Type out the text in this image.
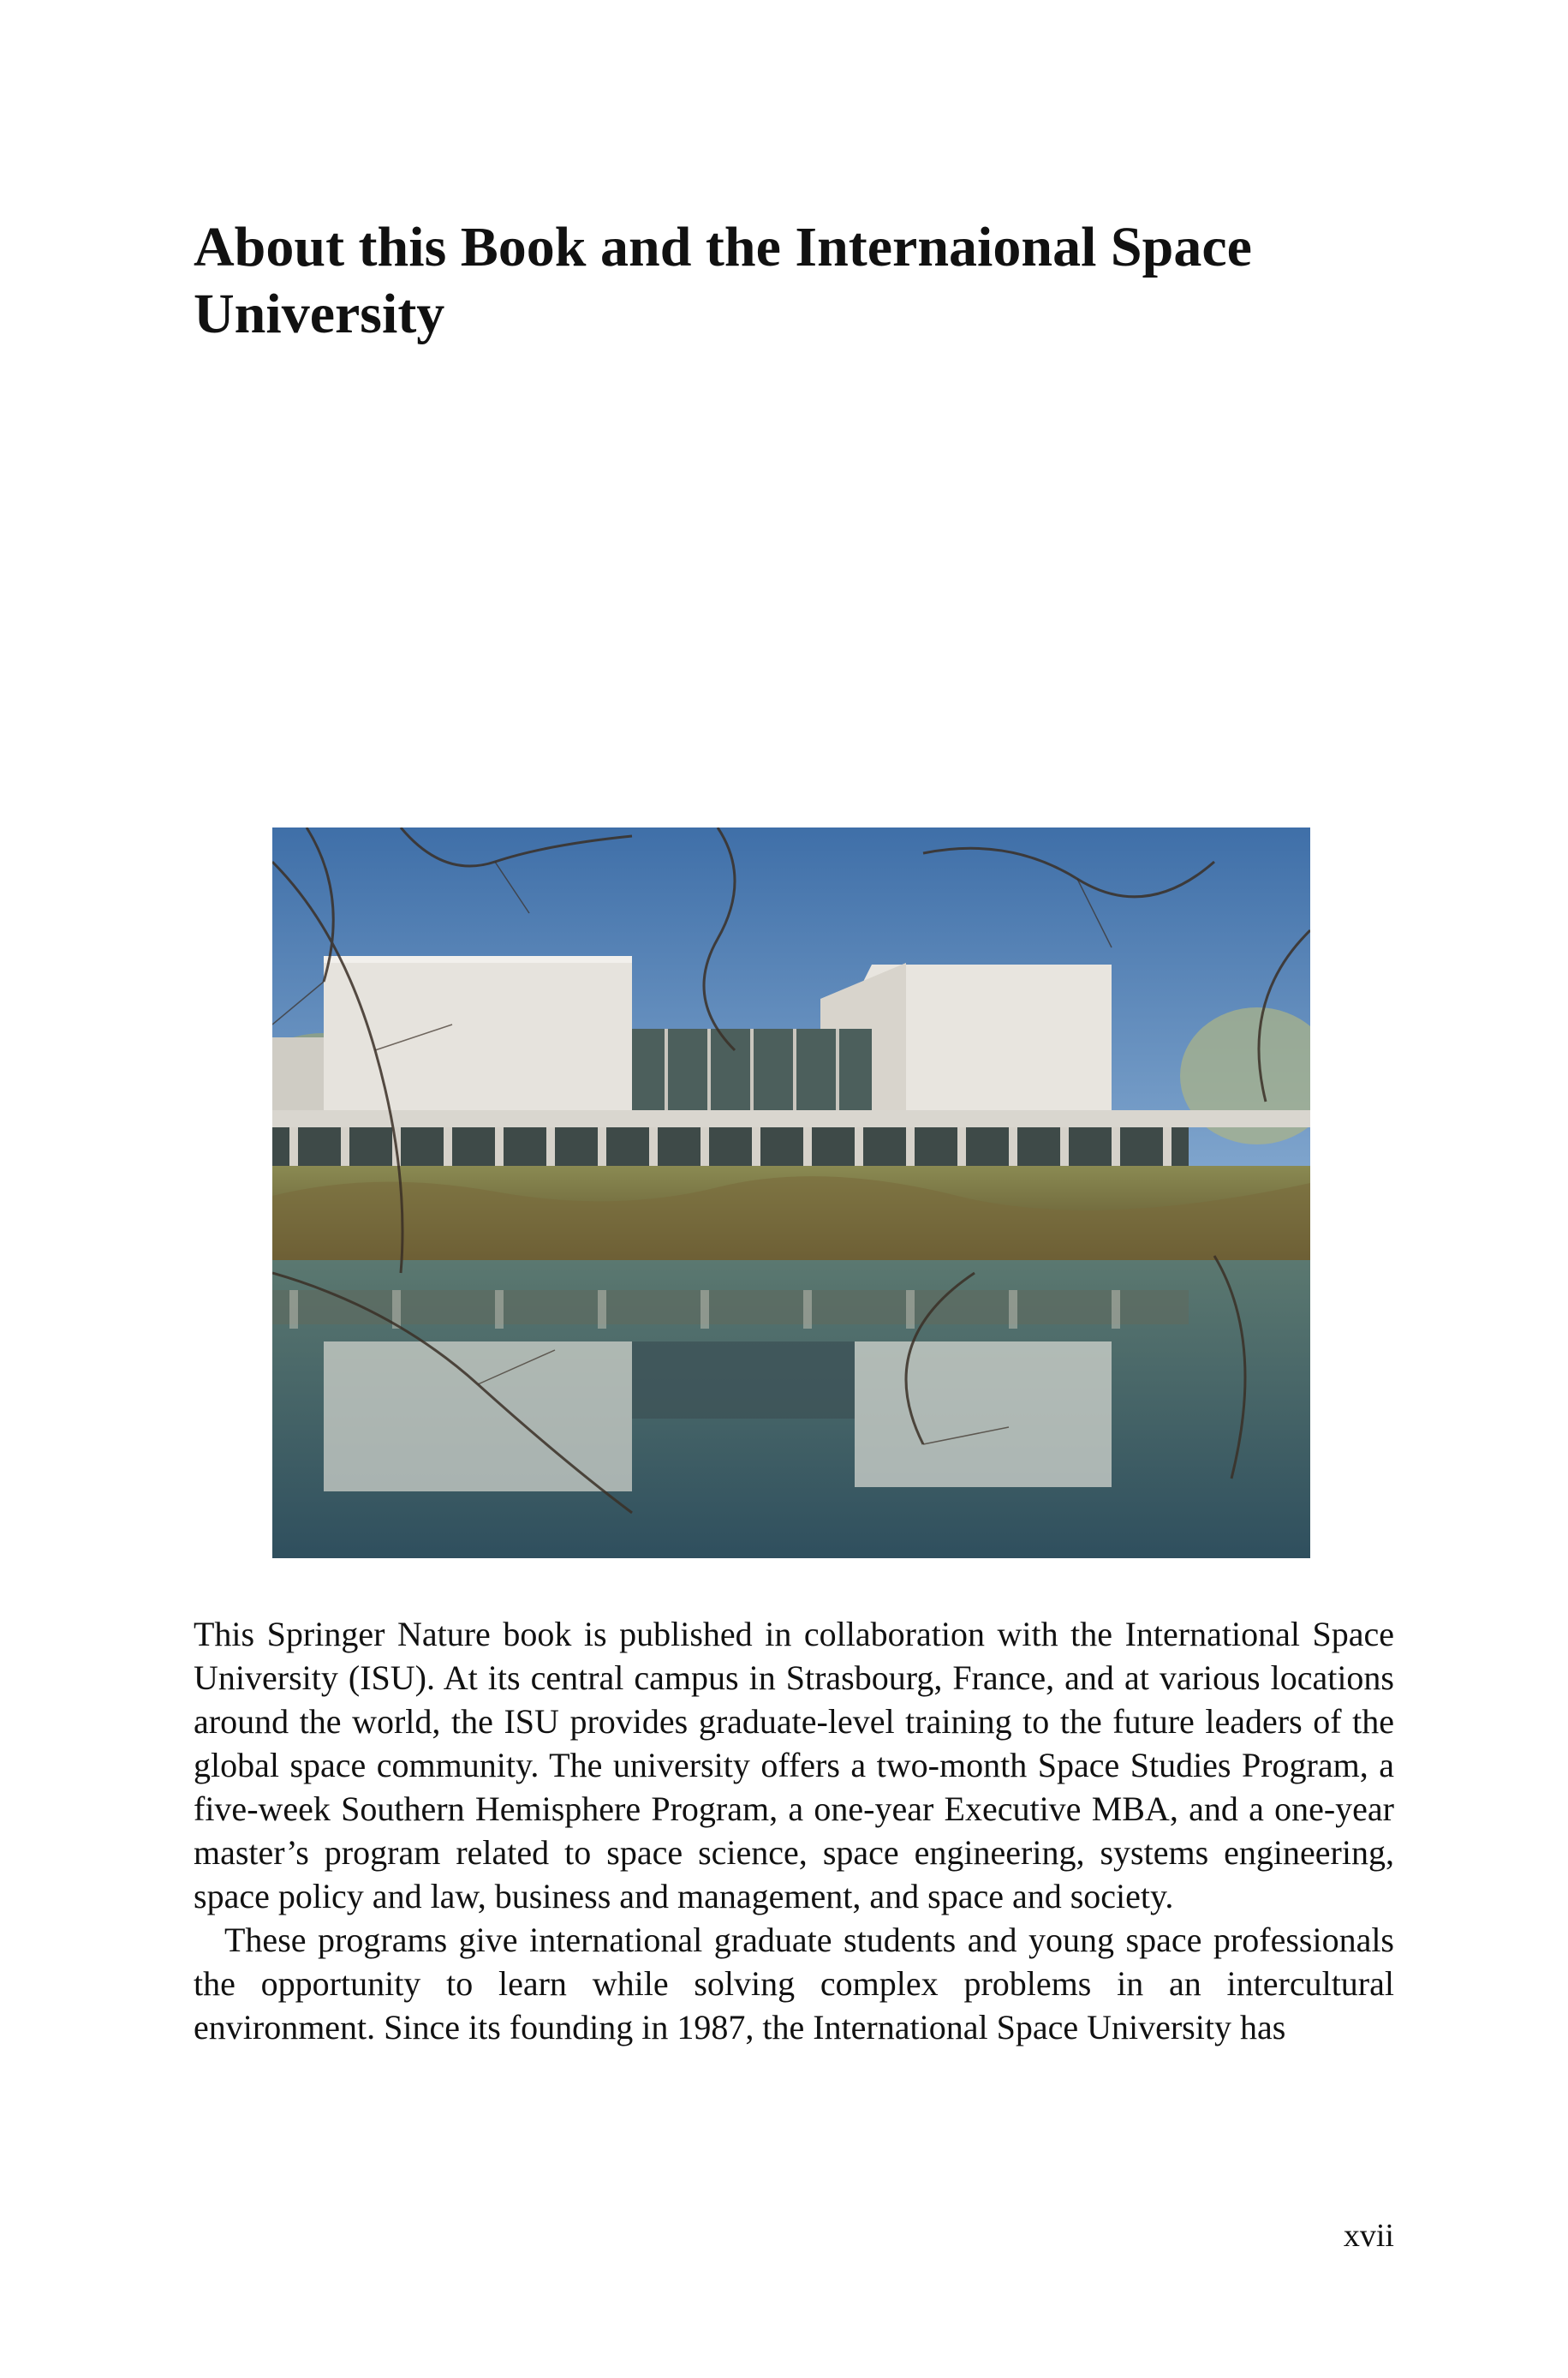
About this Book and the Internaional Space University

This Springer Nature book is published in collaboration with the International Space University (ISU). At its central campus in Strasbourg, France, and at various locations around the world, the ISU provides graduate-level training to the future leaders of the global space community. The university offers a two-month Space Studies Program, a five-week Southern Hemisphere Program, a one-year Executive MBA, and a one-year master’s program related to space science, space engineering, systems engineering, space policy and law, business and management, and space and society.

These programs give international graduate students and young space professionals the opportunity to learn while solving complex problems in an intercultural environment. Since its founding in 1987, the International Space University has

xvii
